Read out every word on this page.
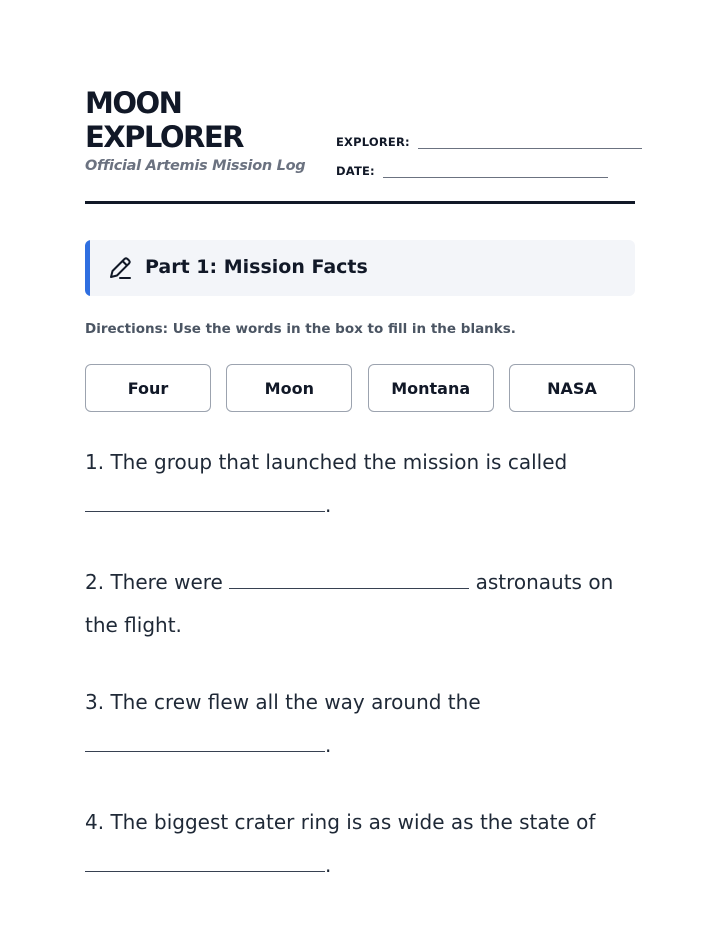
MOON
EXPLORER
Official Artemis Mission Log
EXPLORER:
DATE:
Part 1: Mission Facts
Directions: Use the words in the box to fill in the blanks.
Four	Moon	Montana	NASA
1. The group that launched the mission is called
.
2. There were	astronauts on the flight.
3. The crew flew all the way around the
.
4. The biggest crater ring is as wide as the state of
.
